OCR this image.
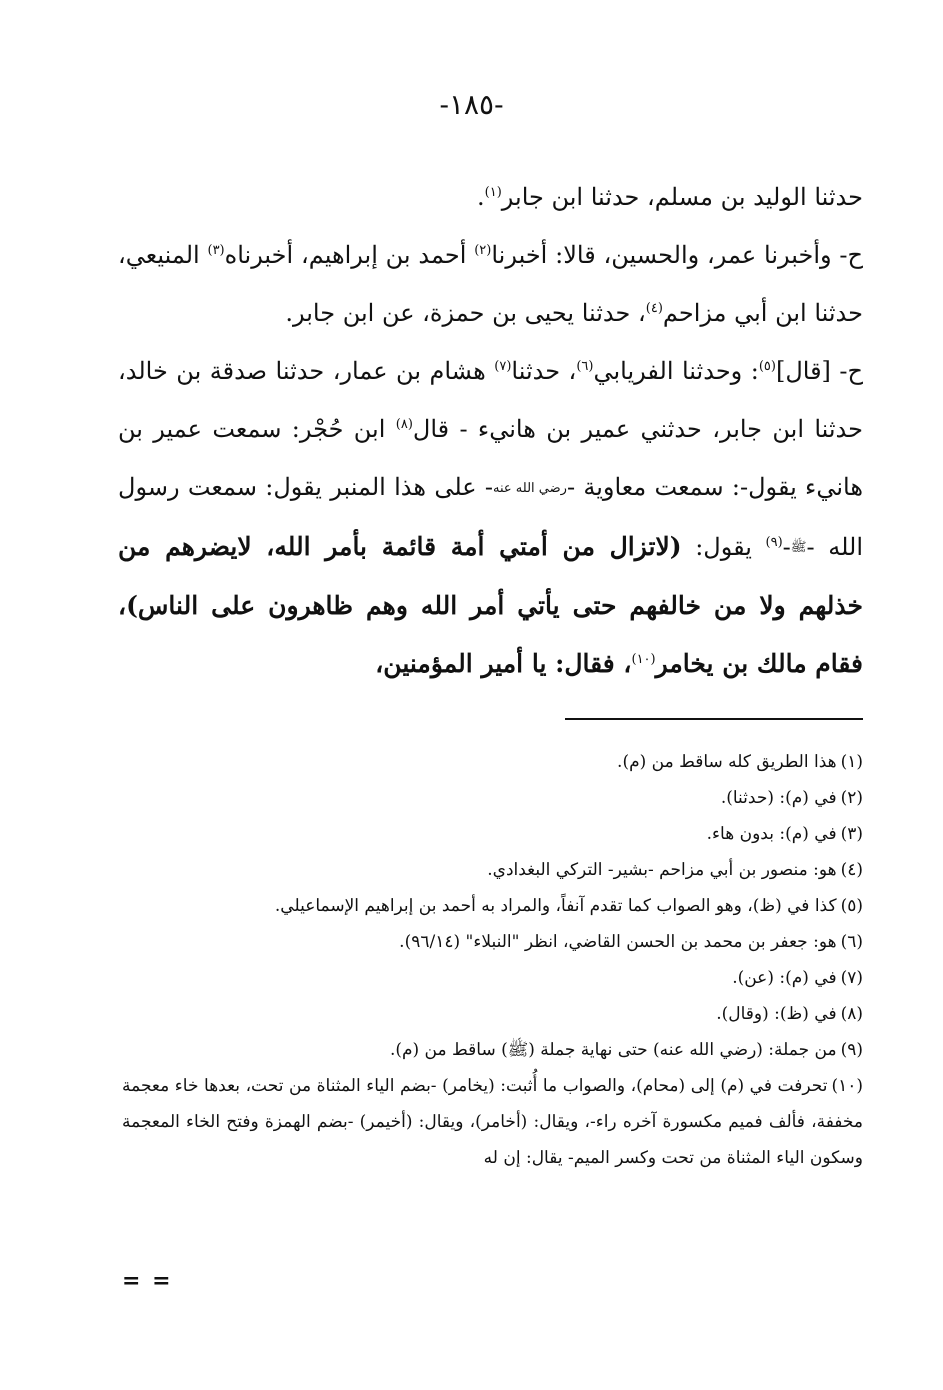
-١٨٥-

حدثنا الوليد بن مسلم، حدثنا ابن جابر$^{(١)}$.

ح- وأخبرنا عمر، والحسين، قالا: أخبرنا$^{(٢)}$ أحمد بن إبراهيم، أخبرناه$^{(٣)}$ المنيعي، حدثنا ابن أبي مزاحم$^{(٤)}$، حدثنا يحيى بن حمزة، عن ابن جابر.

ح- [قال]$^{(٥)}$: وحدثنا الفريابي$^{(٦)}$، حدثنا$^{(٧)}$ هشام بن عمار، حدثنا صدقة بن خالد، حدثنا ابن جابر، حدثني عمير بن هانيء - قال$^{(٨)}$ ابن حُجْر: سمعت عمير بن هانيء يقول-: سمعت معاوية -رضي الله عنه- على هذا المنبر يقول: سمعت رسول الله -ﷺ-$^{(٩)}$ يقول: (لاتزال من أمتي أمة قائمة بأمر الله، لايضرهم من خذلهم ولا من خالفهم حتى يأتي أمر الله وهم ظاهرون على الناس)، فقام مالك بن يخامر$^{(١٠)}$، فقال: يا أمير المؤمنين،

(١)هذا الطريق كله ساقط من (م).

(٢)في (م): (حدثنا).

(٣)في (م): بدون هاء.

(٤)هو: منصور بن أبي مزاحم -بشير- التركي البغدادي.

(٥)كذا في (ظ)، وهو الصواب كما تقدم آنفاً، والمراد به أحمد بن إبراهيم الإسماعيلي.

(٦)هو: جعفر بن محمد بن الحسن القاضي، انظر "النبلاء" (٩٦/١٤).

(٧)في (م): (عن).

(٨)في (ظ): (وقال).

(٩)من جملة: (رضي الله عنه) حتى نهاية جملة (ﷺ) ساقط من (م).

(١٠)تحرفت في (م) إلى (محام)، والصواب ما أُثبت: (يخامر) -بضم الياء المثناة من تحت، بعدها خاء معجمة مخففة، فألف فميم مكسورة آخره راء-، ويقال: (أخامر)، ويقال: (أخيمر) -بضم الهمزة وفتح الخاء المعجمة وسكون الياء المثناة من تحت وكسر الميم- يقال: إن له

= =
